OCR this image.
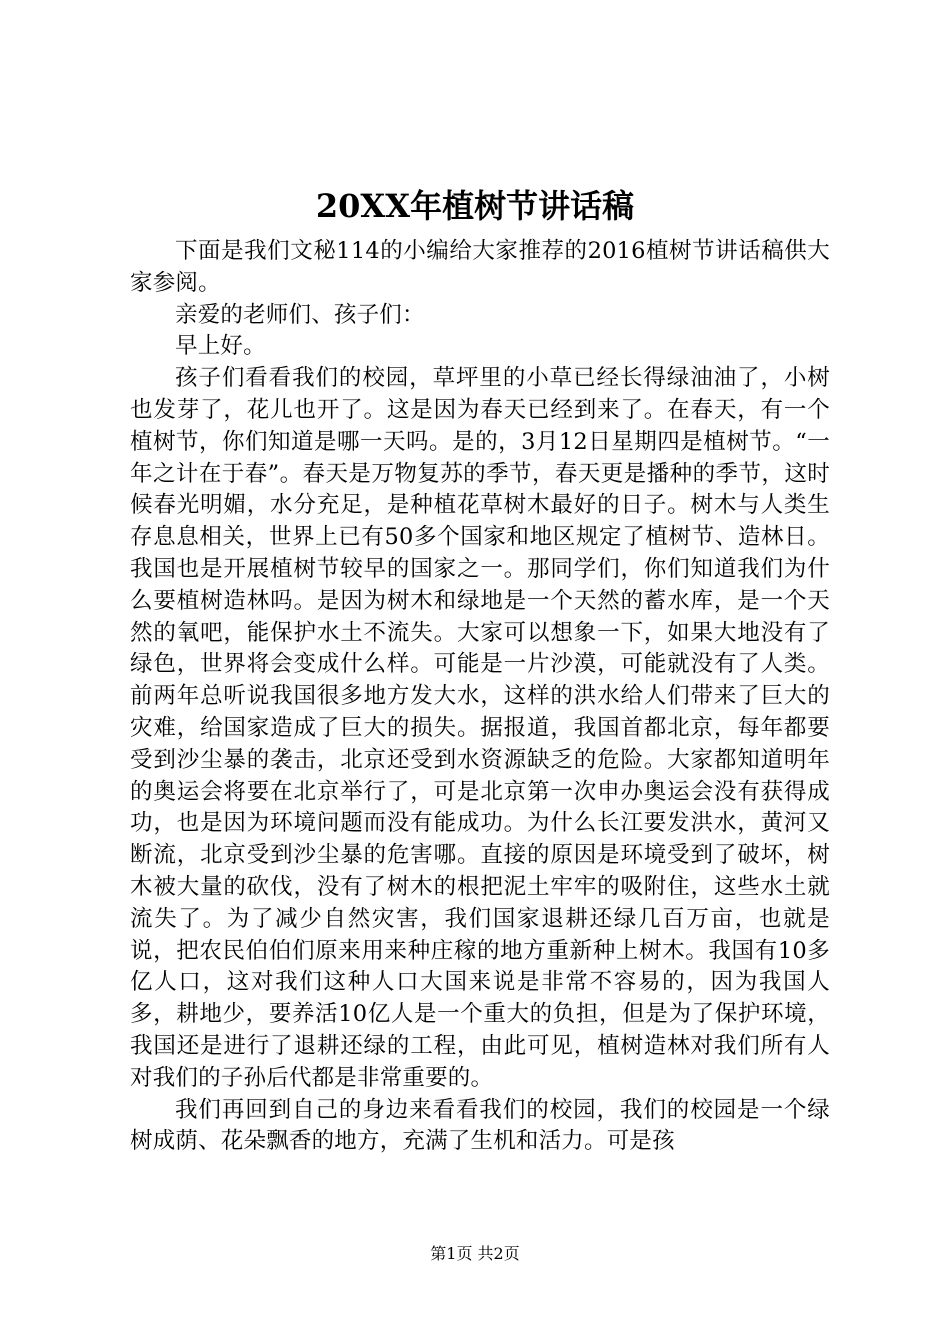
20XX年植树节讲话稿

下面是我们文秘114的小编给大家推荐的2016植树节讲话稿供大家参阅。

亲爱的老师们、孩子们：

早上好。

孩子们看看我们的校园，草坪里的小草已经长得绿油油了，小树也发芽了，花儿也开了。这是因为春天已经到来了。在春天，有一个植树节，你们知道是哪一天吗。是的，3月12日星期四是植树节。“一年之计在于春”。春天是万物复苏的季节，春天更是播种的季节，这时候春光明媚，水分充足，是种植花草树木最好的日子。树木与人类生存息息相关，世界上已有50多个国家和地区规定了植树节、造林日。我国也是开展植树节较早的国家之一。那同学们，你们知道我们为什么要植树造林吗。是因为树木和绿地是一个天然的蓄水库，是一个天然的氧吧，能保护水土不流失。大家可以想象一下，如果大地没有了绿色，世界将会变成什么样。可能是一片沙漠，可能就没有了人类。前两年总听说我国很多地方发大水，这样的洪水给人们带来了巨大的灾难，给国家造成了巨大的损失。据报道，我国首都北京，每年都要受到沙尘暴的袭击，北京还受到水资源缺乏的危险。大家都知道明年的奥运会将要在北京举行了，可是北京第一次申办奥运会没有获得成功，也是因为环境问题而没有能成功。为什么长江要发洪水，黄河又断流，北京受到沙尘暴的危害哪。直接的原因是环境受到了破坏，树木被大量的砍伐，没有了树木的根把泥土牢牢的吸附住，这些水土就流失了。为了减少自然灾害，我们国家退耕还绿几百万亩，也就是说，把农民伯伯们原来用来种庄稼的地方重新种上树木。我国有10多亿人口，这对我们这种人口大国来说是非常不容易的，因为我国人多，耕地少，要养活10亿人是一个重大的负担，但是为了保护环境，我国还是进行了退耕还绿的工程，由此可见，植树造林对我们所有人对我们的子孙后代都是非常重要的。

我们再回到自己的身边来看看我们的校园，我们的校园是一个绿树成荫、花朵飘香的地方，充满了生机和活力。可是孩

第1页 共2页
